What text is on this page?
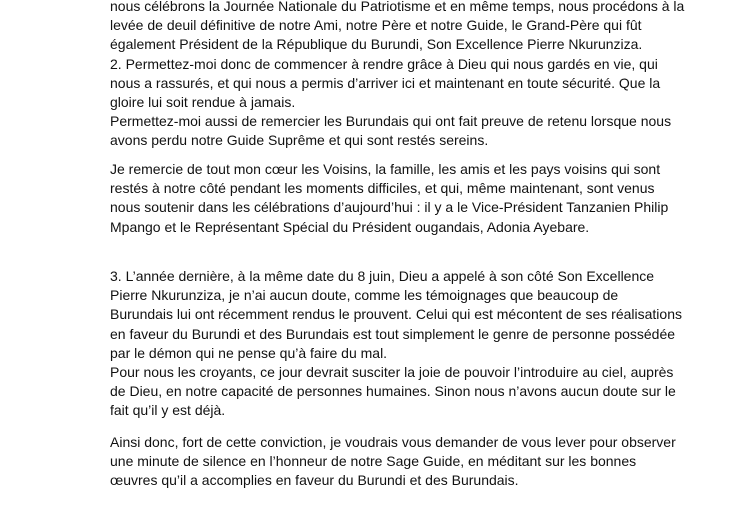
nous célébrons la Journée Nationale du Patriotisme et en même temps, nous procédons à la
levée de deuil définitive de notre Ami, notre Père et notre Guide, le Grand-Père qui fût
également Président de la République du Burundi, Son Excellence Pierre Nkurunziza.
2. Permettez-moi donc de commencer à rendre grâce à Dieu qui nous gardés en vie, qui
nous a rassurés, et qui nous a permis d’arriver ici et maintenant en toute sécurité. Que la
gloire lui soit rendue à jamais.
Permettez-moi aussi de remercier les Burundais qui ont fait preuve de retenu lorsque nous
avons perdu notre Guide Suprême et qui sont restés sereins.

Je remercie de tout mon cœur les Voisins, la famille, les amis et les pays voisins qui sont
restés à notre côté pendant les moments difficiles, et qui, même maintenant, sont venus
nous soutenir dans les célébrations d’aujourd’hui : il y a le Vice-Président Tanzanien Philip
Mpango et le Représentant Spécial du Président ougandais, Adonia Ayebare.

3. L’année dernière, à la même date du 8 juin, Dieu a appelé à son côté Son Excellence
Pierre Nkurunziza, je n’ai aucun doute, comme les témoignages que beaucoup de
Burundais lui ont récemment rendus le prouvent. Celui qui est mécontent de ses réalisations
en faveur du Burundi et des Burundais est tout simplement le genre de personne possédée
par le démon qui ne pense qu’à faire du mal.
Pour nous les croyants, ce jour devrait susciter la joie de pouvoir l’introduire au ciel, auprès
de Dieu, en notre capacité de personnes humaines. Sinon nous n’avons aucun doute sur le
fait qu’il y est déjà.

Ainsi donc, fort de cette conviction, je voudrais vous demander de vous lever pour observer
une minute de silence en l’honneur de notre Sage Guide, en méditant sur les bonnes
œuvres qu’il a accomplies en faveur du Burundi et des Burundais.
